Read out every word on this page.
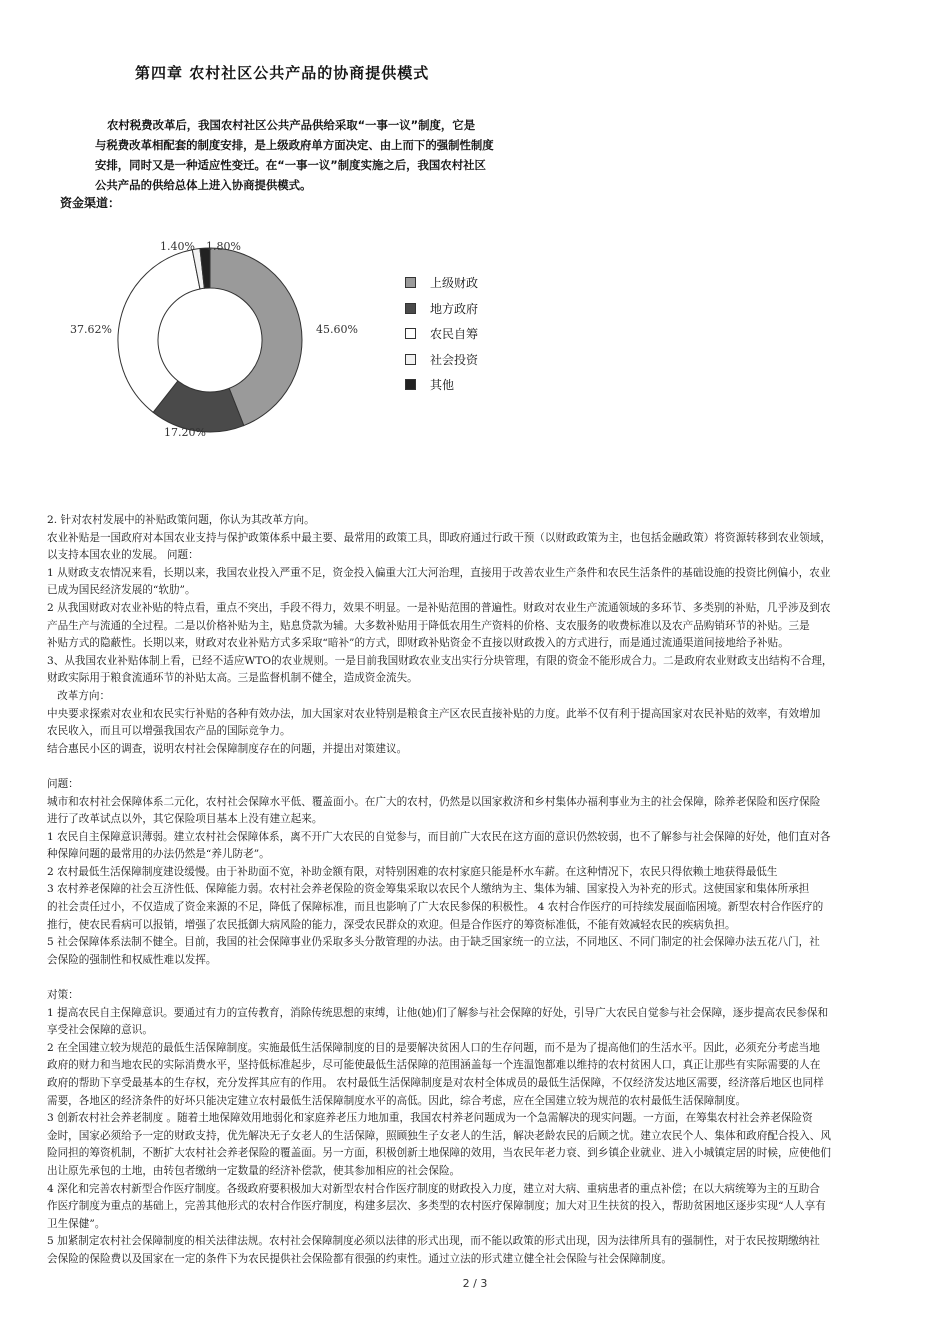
第四章 农村社区公共产品的协商提供模式
农村税费改革后，我国农村社区公共产品供给采取“一事一议”制度，它是
与税费改革相配套的制度安排，是上级政府单方面决定、由上而下的强制性制度
安排，同时又是一种适应性变迁。在“一事一议”制度实施之后，我国农村社区
公共产品的供给总体上进入协商提供模式。
资金渠道：
45.60%
17.20%
37.62%
1.40% 1.80%
上级财政
地方政府
农民自筹
社会投资
其他

2. 针对农村发展中的补贴政策问题，你认为其改革方向。

农业补贴是一国政府对本国农业支持与保护政策体系中最主要、最常用的政策工具，即政府通过行政干预（以财政政策为主，也包括金融政策）将资源转移到农业领域，

以支持本国农业的发展。 问题：

1 从财政支农情况来看，长期以来，我国农业投入严重不足，资金投入偏重大江大河治理，直接用于改善农业生产条件和农民生活条件的基础设施的投资比例偏小，农业

已成为国民经济发展的“软肋”。

2 从我国财政对农业补贴的特点看，重点不突出，手段不得力，效果不明显。一是补贴范围的普遍性。财政对农业生产流通领域的多环节、多类别的补贴，几乎涉及到农

产品生产与流通的全过程。二是以价格补贴为主，贴息贷款为辅。大多数补贴用于降低农用生产资料的价格、支农服务的收费标准以及农产品购销环节的补贴。三是

补贴方式的隐蔽性。长期以来，财政对农业补贴方式多采取“暗补”的方式，即财政补贴资金不直接以财政拨入的方式进行，而是通过流通渠道间接地给予补贴。

3、从我国农业补贴体制上看，已经不适应WTO的农业规则。一是目前我国财政农业支出实行分块管理，有限的资金不能形成合力。二是政府农业财政支出结构不合理，

财政实际用于粮食流通环节的补贴太高。三是监督机制不健全，造成资金流失。

改革方向：

中央要求探索对农业和农民实行补贴的各种有效办法，加大国家对农业特别是粮食主产区农民直接补贴的力度。此举不仅有利于提高国家对农民补贴的效率，有效增加

农民收入，而且可以增强我国农产品的国际竞争力。

结合惠民小区的调查，说明农村社会保障制度存在的问题，并提出对策建议。

问题：

城市和农村社会保障体系二元化，农村社会保障水平低、覆盖面小。在广大的农村，仍然是以国家救济和乡村集体办福利事业为主的社会保障，除养老保险和医疗保险

进行了改革试点以外，其它保险项目基本上没有建立起来。

1 农民自主保障意识薄弱。建立农村社会保障体系，离不开广大农民的自觉参与，而目前广大农民在这方面的意识仍然较弱，也不了解参与社会保障的好处，他们直对各

种保障问题的最常用的办法仍然是“养儿防老”。

2 农村最低生活保障制度建设缓慢。由于补助面不宽，补助金额有限，对特别困难的农村家庭只能是杯水车薪。在这种情况下，农民只得依赖土地获得最低生

3 农村养老保障的社会互济性低、保障能力弱。农村社会养老保险的资金筹集采取以农民个人缴纳为主、集体为辅、国家投入为补充的形式。这使国家和集体所承担

的社会责任过小，不仅造成了资金来源的不足，降低了保障标准，而且也影响了广大农民参保的积极性。 4 农村合作医疗的可持续发展面临困境。新型农村合作医疗的

推行，使农民看病可以报销，增强了农民抵御大病风险的能力，深受农民群众的欢迎。但是合作医疗的筹资标准低，不能有效减轻农民的疾病负担。

5 社会保障体系法制不健全。目前，我国的社会保障事业仍采取多头分散管理的办法。由于缺乏国家统一的立法，不同地区、不同门制定的社会保障办法五花八门，社

会保险的强制性和权威性难以发挥。

对策：

1 提高农民自主保障意识。要通过有力的宣传教育，消除传统思想的束缚，让他(她)们了解参与社会保障的好处，引导广大农民自觉参与社会保障，逐步提高农民参保和

享受社会保障的意识。

2 在全国建立较为规范的最低生活保障制度。实施最低生活保障制度的目的是要解决贫困人口的生存问题，而不是为了提高他们的生活水平。因此，必须充分考虑当地

政府的财力和当地农民的实际消费水平，坚持低标准起步，尽可能使最低生活保障的范围涵盖每一个连温饱都难以维持的农村贫困人口，真正让那些有实际需要的人在

政府的帮助下享受最基本的生存权，充分发挥其应有的作用。 农村最低生活保障制度是对农村全体成员的最低生活保障，不仅经济发达地区需要，经济落后地区也同样

需要，各地区的经济条件的好坏只能决定建立农村最低生活保障制度水平的高低。因此，综合考虑，应在全国建立较为规范的农村最低生活保障制度。

3 创新农村社会养老制度 。随着土地保障效用地弱化和家庭养老压力地加重，我国农村养老问题成为一个急需解决的现实问题。一方面，在筹集农村社会养老保险资

金时，国家必须给予一定的财政支持，优先解决无子女老人的生活保障，照顾独生子女老人的生活，解决老龄农民的后顾之忧。建立农民个人、集体和政府配合投入、风

险同担的筹资机制，不断扩大农村社会养老保险的覆盖面。另一方面，积极创新土地保障的效用，当农民年老力衰、到乡镇企业就业、进入小城镇定居的时候，应使他们

出让原先承包的土地，由转包者缴纳一定数量的经济补偿款，使其参加相应的社会保险。

4 深化和完善农村新型合作医疗制度。各级政府要积极加大对新型农村合作医疗制度的财政投入力度，建立对大病、重病患者的重点补偿；在以大病统筹为主的互助合

作医疗制度为重点的基础上，完善其他形式的农村合作医疗制度，构建多层次、多类型的农村医疗保障制度；加大对卫生扶贫的投入，帮助贫困地区逐步实现“人人享有

卫生保健”。

5 加紧制定农村社会保障制度的相关法律法规。农村社会保障制度必须以法律的形式出现，而不能以政策的形式出现，因为法律所具有的强制性，对于农民按期缴纳社

会保险的保险费以及国家在一定的条件下为农民提供社会保险都有很强的约束性。通过立法的形式建立健全社会保险与社会保障制度。

2 / 3
